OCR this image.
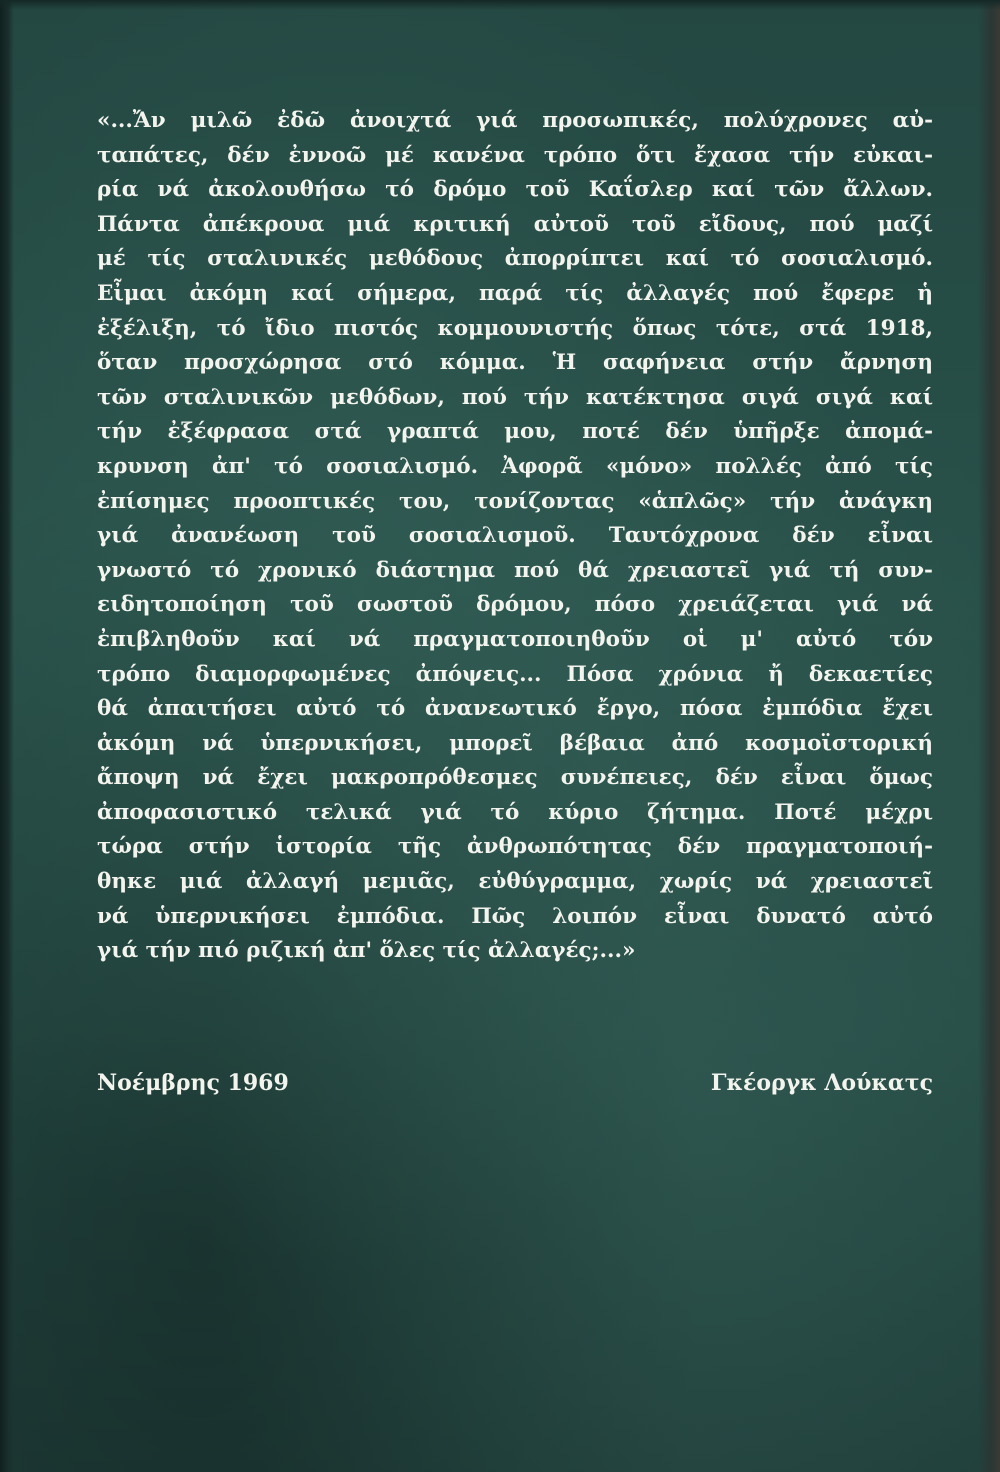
«...Ἄν μιλῶ ἐδῶ ἀνοιχτά γιά προσωπικές, πολύχρονες αὐ-
ταπάτες, δέν ἐννοῶ μέ κανένα τρόπο ὅτι ἔχασα τήν εὐκαι-
ρία νά ἀκολουθήσω τό δρόμο τοῦ Καΐσλερ καί τῶν ἄλλων.
Πάντα ἀπέκρουα μιά κριτική αὐτοῦ τοῦ εἴδους, πού μαζί
μέ τίς σταλινικές μεθόδους ἀπορρίπτει καί τό σοσιαλισμό.
Εἶμαι ἀκόμη καί σήμερα, παρά τίς ἀλλαγές πού ἔφερε ἡ
ἐξέλιξη, τό ἴδιο πιστός κομμουνιστής ὅπως τότε, στά 1918,
ὅταν προσχώρησα στό κόμμα. Ἡ σαφήνεια στήν ἄρνηση
τῶν σταλινικῶν μεθόδων, πού τήν κατέκτησα σιγά σιγά καί
τήν ἐξέφρασα στά γραπτά μου, ποτέ δέν ὑπῆρξε ἀπομά-
κρυνση ἀπ' τό σοσιαλισμό. Ἀφορᾶ «μόνο» πολλές ἀπό τίς
ἐπίσημες προοπτικές του, τονίζοντας «ἁπλῶς» τήν ἀνάγκη
γιά ἀνανέωση τοῦ σοσιαλισμοῦ. Ταυτόχρονα δέν εἶναι
γνωστό τό χρονικό διάστημα πού θά χρειαστεῖ γιά τή συν-
ειδητοποίηση τοῦ σωστοῦ δρόμου, πόσο χρειάζεται γιά νά
ἐπιβληθοῦν καί νά πραγματοποιηθοῦν οἱ μ' αὐτό τόν
τρόπο διαμορφωμένες ἀπόψεις... Πόσα χρόνια ἤ δεκαετίες
θά ἀπαιτήσει αὐτό τό ἀνανεωτικό ἔργο, πόσα ἐμπόδια ἔχει
ἀκόμη νά ὑπερνικήσει, μπορεῖ βέβαια ἀπό κοσμοϊστορική
ἄποψη νά ἔχει μακροπρόθεσμες συνέπειες, δέν εἶναι ὅμως
ἀποφασιστικό τελικά γιά τό κύριο ζήτημα. Ποτέ μέχρι
τώρα στήν ἱστορία τῆς ἀνθρωπότητας δέν πραγματοποιή-
θηκε μιά ἀλλαγή μεμιᾶς, εὐθύγραμμα, χωρίς νά χρειαστεῖ
νά ὑπερνικήσει ἐμπόδια. Πῶς λοιπόν εἶναι δυνατό αὐτό
γιά τήν πιό ριζική ἀπ' ὅλες τίς ἀλλαγές;...»
Νοέμβρης 1969	Γκέοργκ Λούκατς
